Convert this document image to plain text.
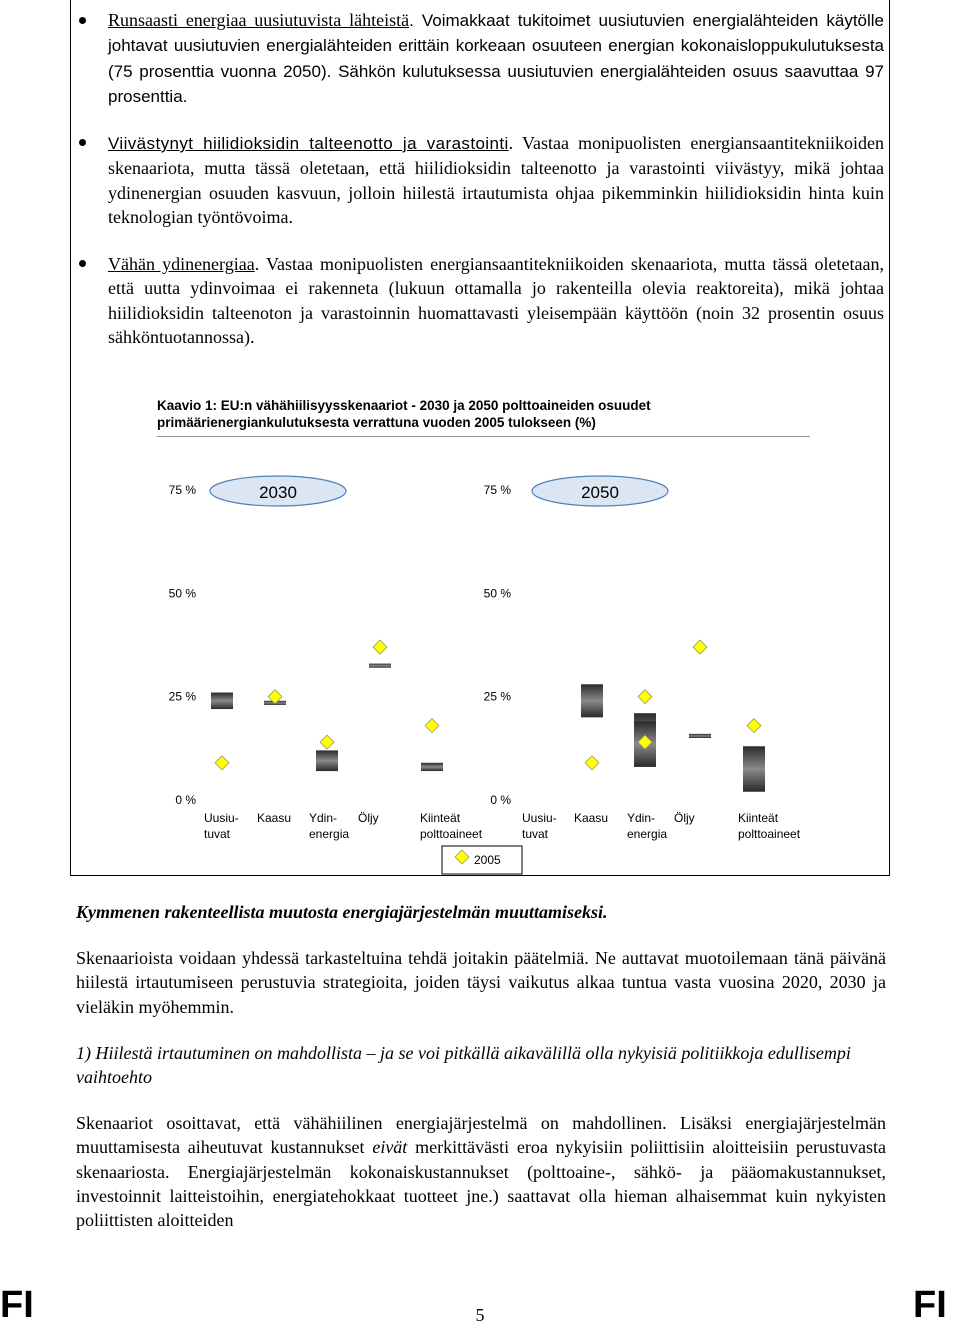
Runsaasti energiaa uusiutuvista lähteistä. Voimakkaat tukitoimet uusiutuvien energialähteiden käytölle johtavat uusiutuvien energialähteiden erittäin korkeaan osuuteen energian kokonaisloppukulutuksesta (75 prosenttia vuonna 2050). Sähkön kulutuksessa uusiutuvien energialähteiden osuus saavuttaa 97 prosenttia.
Viivästynyt hiilidioksidin talteenotto ja varastointi. Vastaa monipuolisten energiansaantitekniikoiden skenaariota, mutta tässä oletetaan, että hiilidioksidin talteenotto ja varastointi viivästyy, mikä johtaa ydinenergian osuuden kasvuun, jolloin hiilestä irtautumista ohjaa pikemminkin hiilidioksidin hinta kuin teknologian työntövoima.
Vähän ydinenergiaa. Vastaa monipuolisten energiansaantitekniikoiden skenaariota, mutta tässä oletetaan, että uutta ydinvoimaa ei rakenneta (lukuun ottamalla jo rakenteilla olevia reaktoreita), mikä johtaa hiilidioksidin talteenoton ja varastoinnin huomattavasti yleisempään käyttöön (noin 32 prosentin osuus sähköntuotannossa).
Kaavio 1: EU:n vähähiilisyysskenaariot - 2030 ja 2050 polttoaineiden osuudet primäärienergiankulutuksesta verrattuna vuoden 2005 tulokseen (%)
0 %
25 %
50 %
75 %	2030
Uusiu-
tuvat
Kaasu Ydin-
energia
Öljy	Kiinteät
polttoaineet
0 %
25 %
50 %
75 %	2050
Uusiu-
tuvat
Kaasu Ydin-
energia
Öljy	Kiinteät
polttoaineet
2005
Kymmenen rakenteellista muutosta energiajärjestelmän muuttamiseksi.
Skenaarioista voidaan yhdessä tarkasteltuina tehdä joitakin päätelmiä. Ne auttavat muotoilemaan tänä päivänä hiilestä irtautumiseen perustuvia strategioita, joiden täysi vaikutus alkaa tuntua vasta vuosina 2020, 2030 ja vieläkin myöhemmin.
1) Hiilestä irtautuminen on mahdollista – ja se voi pitkällä aikavälillä olla nykyisiä politiikkoja edullisempi vaihtoehto
Skenaariot osoittavat, että vähähiilinen energiajärjestelmä on mahdollinen. Lisäksi energiajärjestelmän muuttamisesta aiheutuvat kustannukset eivät merkittävästi eroa nykyisiin poliittisiin aloitteisiin perustuvasta skenaariosta. Energiajärjestelmän kokonaiskustannukset (polttoaine-, sähkö- ja pääomakustannukset, investoinnit laitteistoihin, energiatehokkaat tuotteet jne.) saattavat olla hieman alhaisemmat kuin nykyisten poliittisten aloitteiden
FI	5	FI
